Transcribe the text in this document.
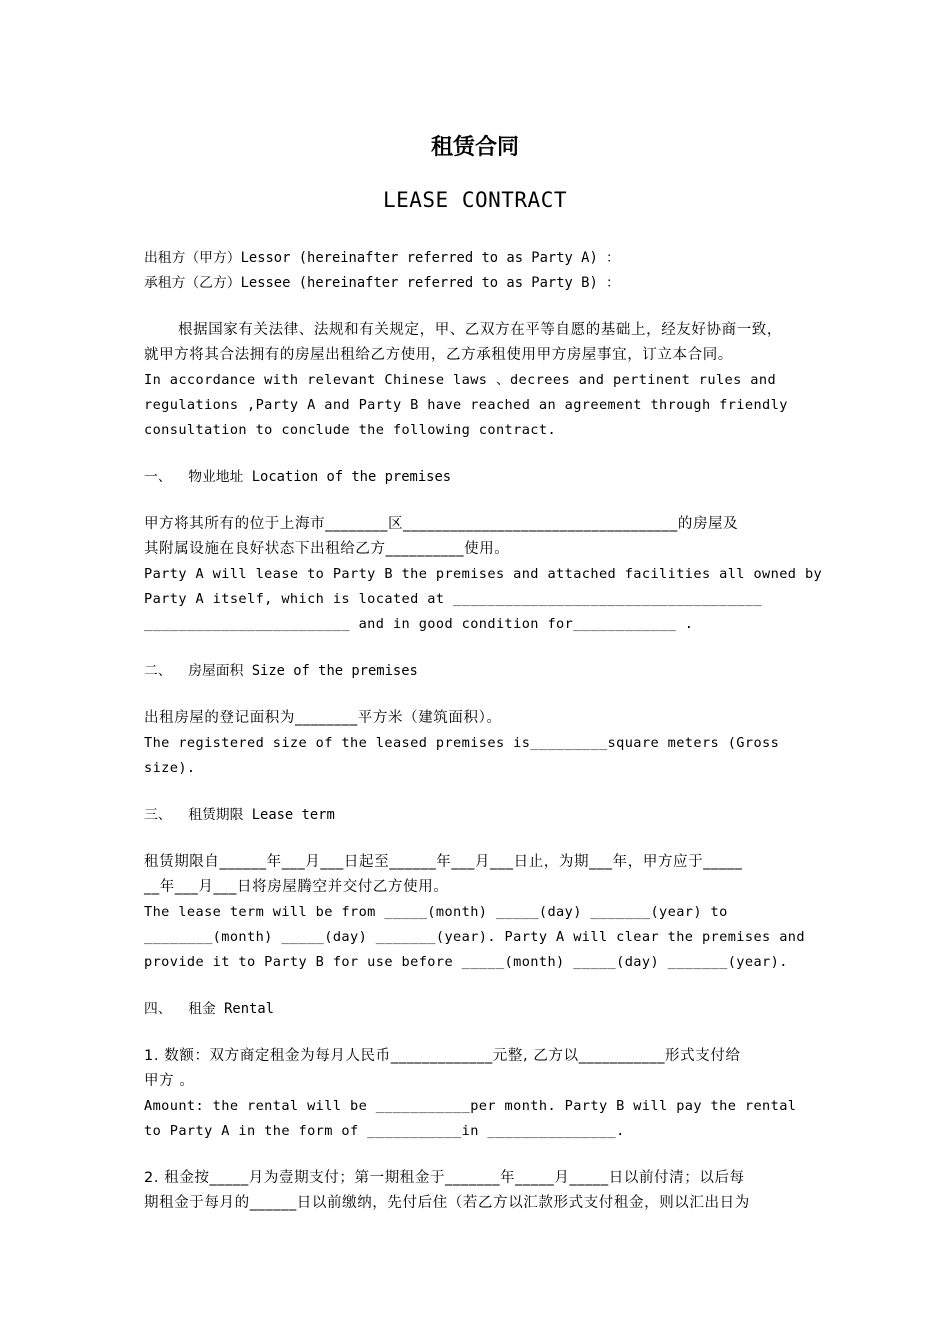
租赁合同
LEASE CONTRACT
出租方（甲方）Lessor (hereinafter referred to as Party A) ：
承租方（乙方）Lessee (hereinafter referred to as Party B) ：
根据国家有关法律、法规和有关规定，甲、乙双方在平等自愿的基础上，经友好协商一致，
就甲方将其合法拥有的房屋出租给乙方使用，乙方承租使用甲方房屋事宜，订立本合同。
In accordance with relevant Chinese laws 、decrees and pertinent rules and
regulations ,Party A and Party B have reached an agreement through friendly
consultation to conclude the following contract.
一、  物业地址 Location of the premises
甲方将其所有的位于上海市________区___________________________________的房屋及
其附属设施在良好状态下出租给乙方__________使用。
Party A will lease to Party B the premises and attached facilities all owned by
Party A itself, which is located at ____________________________________
________________________ and in good condition for____________ .
二、  房屋面积 Size of the premises
出租房屋的登记面积为________平方米（建筑面积）。
The registered size of the leased premises is_________square meters (Gross
size).
三、  租赁期限 Lease term
租赁期限自______年___月___日起至______年___月___日止，为期___年，甲方应于_____
__年___月___日将房屋腾空并交付乙方使用。
The lease term will be from _____(month) _____(day) _______(year) to
________(month) _____(day) _______(year). Party A will clear the premises and
provide it to Party B for use before _____(month) _____(day) _______(year).
四、  租金 Rental
1. 数额：双方商定租金为每月人民币_____________元整, 乙方以___________形式支付给
甲方 。
Amount: the rental will be ___________per month. Party B will pay the rental
to Party A in the form of ___________in _______________.
2. 租金按_____月为壹期支付；第一期租金于_______年_____月_____日以前付清；以后每
期租金于每月的______日以前缴纳，先付后住（若乙方以汇款形式支付租金，则以汇出日为
